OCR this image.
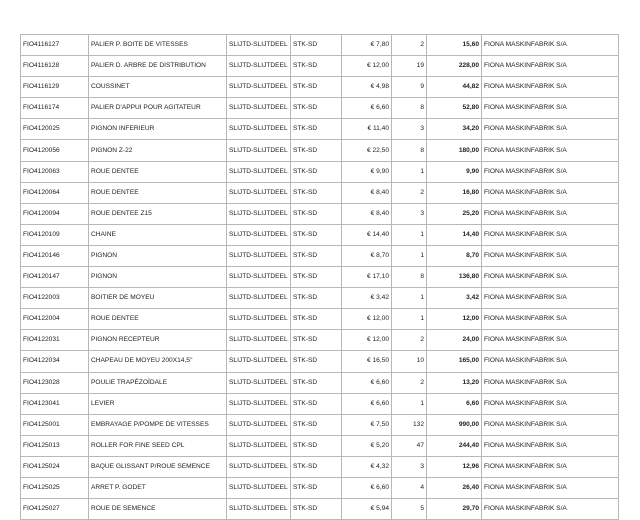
FIO4116127	PALIER P. BOITE DE VITESSES	SLIJTD-SLIJTDEEL	STK-SD	€ 7,80	2	15,60	FIONA MASKINFABRIK S/A
FIO4116128	PALIER D. ARBRE DE DISTRIBUTION	SLIJTD-SLIJTDEEL	STK-SD	€ 12,00	19	228,00	FIONA MASKINFABRIK S/A
FIO4116129	COUSSINET	SLIJTD-SLIJTDEEL	STK-SD	€ 4,98	9	44,82	FIONA MASKINFABRIK S/A
FIO4116174	PALIER D'APPUI POUR AGITATEUR	SLIJTD-SLIJTDEEL	STK-SD	€ 6,60	8	52,80	FIONA MASKINFABRIK S/A
FIO4120025	PIGNON INFERIEUR	SLIJTD-SLIJTDEEL	STK-SD	€ 11,40	3	34,20	FIONA MASKINFABRIK S/A
FIO4120056	PIGNON Z-22	SLIJTD-SLIJTDEEL	STK-SD	€ 22,50	8	180,00	FIONA MASKINFABRIK S/A
FIO4120063	ROUE DENTEE	SLIJTD-SLIJTDEEL	STK-SD	€ 9,90	1	9,90	FIONA MASKINFABRIK S/A
FIO4120064	ROUE DENTEE	SLIJTD-SLIJTDEEL	STK-SD	€ 8,40	2	16,80	FIONA MASKINFABRIK S/A
FIO4120094	ROUE DENTEE Z15	SLIJTD-SLIJTDEEL	STK-SD	€ 8,40	3	25,20	FIONA MASKINFABRIK S/A
FIO4120109	CHAINE	SLIJTD-SLIJTDEEL	STK-SD	€ 14,40	1	14,40	FIONA MASKINFABRIK S/A
FIO4120146	PIGNON	SLIJTD-SLIJTDEEL	STK-SD	€ 8,70	1	8,70	FIONA MASKINFABRIK S/A
FIO4120147	PIGNON	SLIJTD-SLIJTDEEL	STK-SD	€ 17,10	8	136,80	FIONA MASKINFABRIK S/A
FIO4122003	BOITIER DE MOYEU	SLIJTD-SLIJTDEEL	STK-SD	€ 3,42	1	3,42	FIONA MASKINFABRIK S/A
FIO4122004	ROUE DENTEE	SLIJTD-SLIJTDEEL	STK-SD	€ 12,00	1	12,00	FIONA MASKINFABRIK S/A
FIO4122031	PIGNON RECEPTEUR	SLIJTD-SLIJTDEEL	STK-SD	€ 12,00	2	24,00	FIONA MASKINFABRIK S/A
FIO4122034	CHAPEAU DE MOYEU 200X14,5''	SLIJTD-SLIJTDEEL	STK-SD	€ 16,50	10	165,00	FIONA MASKINFABRIK S/A
FIO4123028	POULIE TRAPÉZOÏDALE	SLIJTD-SLIJTDEEL	STK-SD	€ 6,60	2	13,20	FIONA MASKINFABRIK S/A
FIO4123041	LEVIER	SLIJTD-SLIJTDEEL	STK-SD	€ 6,60	1	6,60	FIONA MASKINFABRIK S/A
FIO4125001	EMBRAYAGE P/POMPE DE VITESSES	SLIJTD-SLIJTDEEL	STK-SD	€ 7,50	132	990,00	FIONA MASKINFABRIK S/A
FIO4125013	ROLLER FOR FINE SEED CPL	SLIJTD-SLIJTDEEL	STK-SD	€ 5,20	47	244,40	FIONA MASKINFABRIK S/A
FIO4125024	BAQUE GLISSANT P/ROUE SEMENCE	SLIJTD-SLIJTDEEL	STK-SD	€ 4,32	3	12,96	FIONA MASKINFABRIK S/A
FIO4125025	ARRET P. GODET	SLIJTD-SLIJTDEEL	STK-SD	€ 6,60	4	26,40	FIONA MASKINFABRIK S/A
FIO4125027	ROUE DE SEMENCE	SLIJTD-SLIJTDEEL	STK-SD	€ 5,94	5	29,70	FIONA MASKINFABRIK S/A
